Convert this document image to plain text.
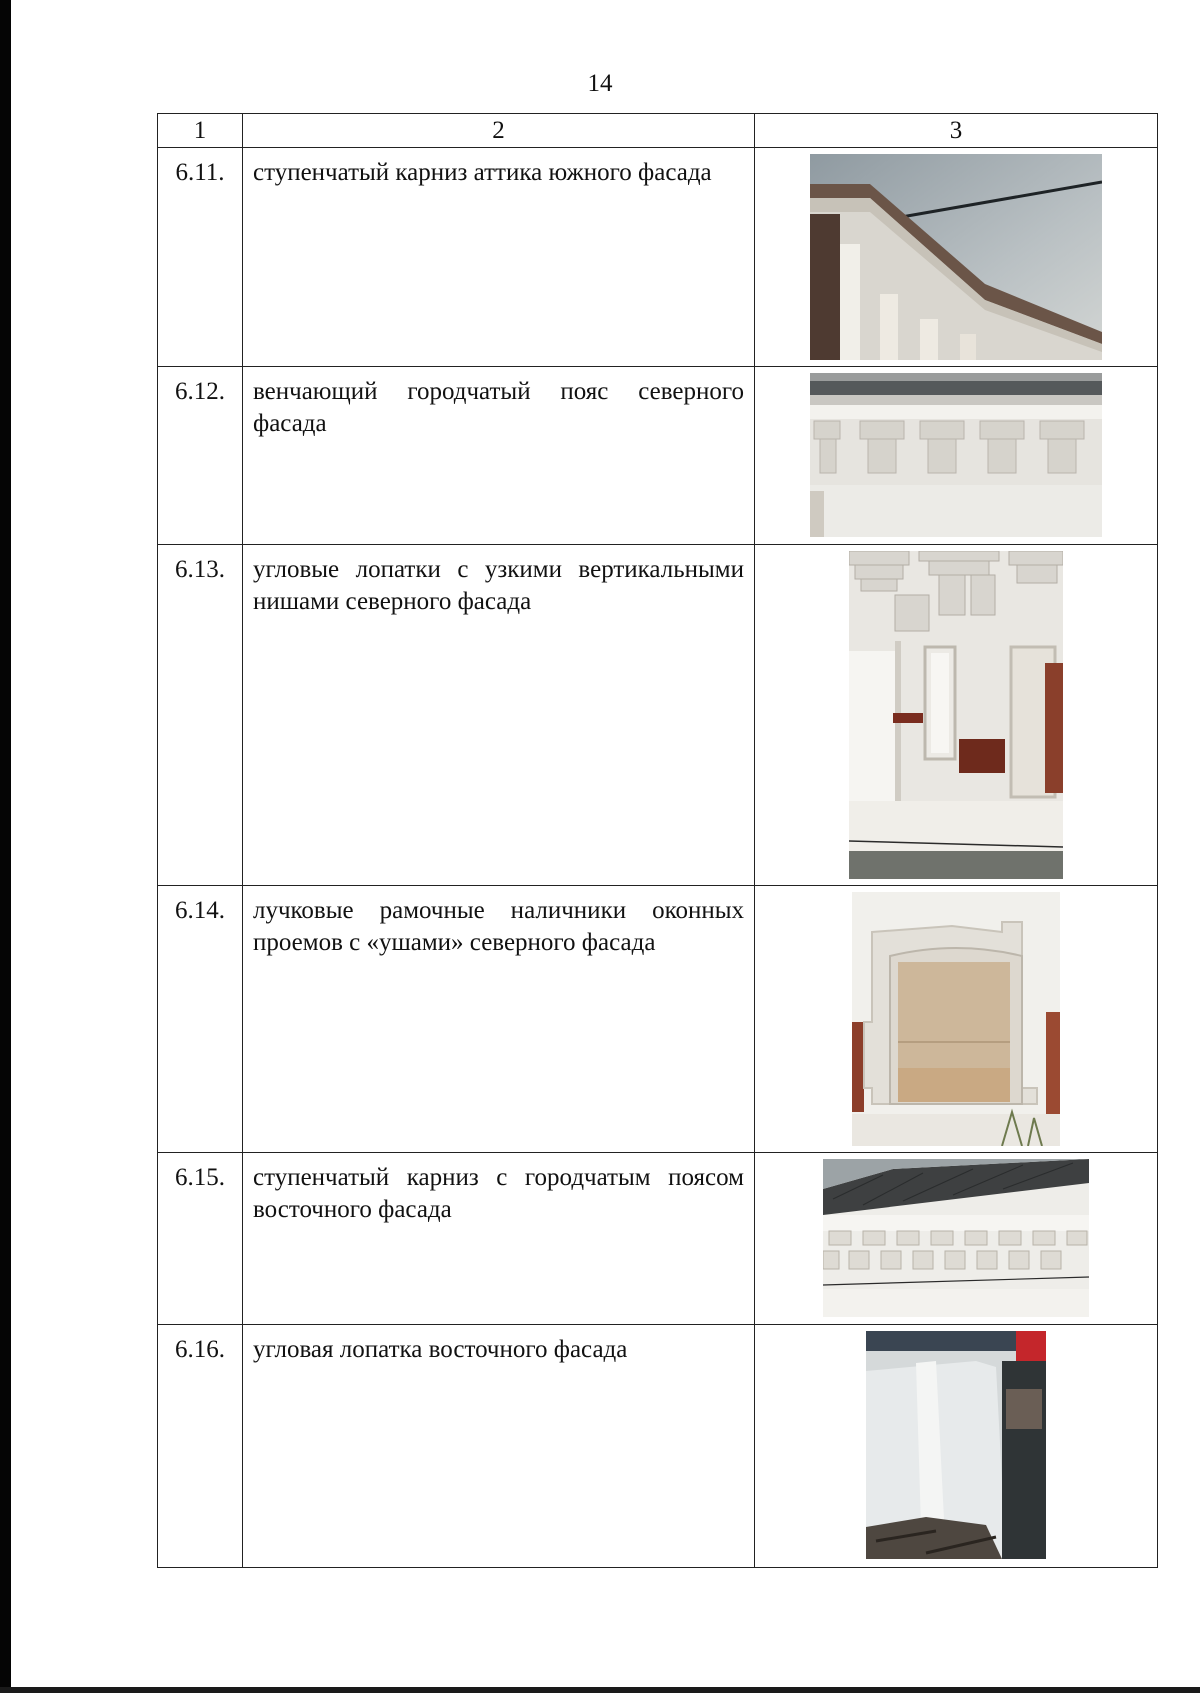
14
1	2	3
6.11.	ступенчатый карниз аттика южного фасада	

6.12.	венчающий городчатый пояс северного фасада	

6.13.	угловые лопатки с узкими вертикальными нишами северного фасада	

6.14.	лучковые рамочные наличники оконных проемов с «ушами» северного фасада	

6.15.	ступенчатый карниз с городчатым поясом восточного фасада	

6.16.	угловая лопатка восточного фасада	
